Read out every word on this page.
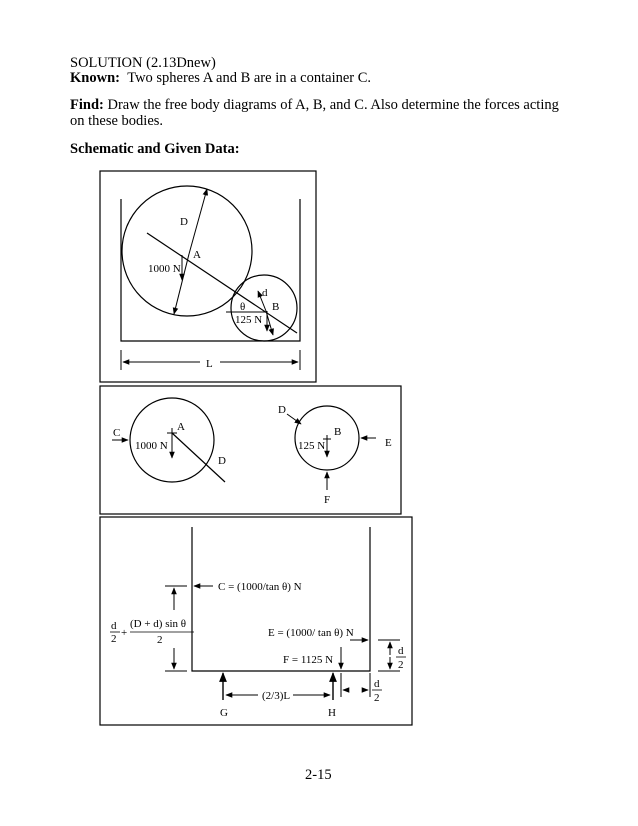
SOLUTION (2.13Dnew)
Known: Two spheres A and B are in a container C.
Find: Draw the free body diagrams of A, B, and C. Also determine the forces acting
on these bodies.
Schematic and Given Data:
D
A
1000 N
d
θ B
125 N
L
C	A
1000 N
D
D
B
125 N	E
F
C = (1000/tan θ) N
d
2 +
(D + d) sin θ
2
E = (1000/ tan θ) N
F = 1125 N
d
2
d
2
(2/3)L
G	H
2-15
